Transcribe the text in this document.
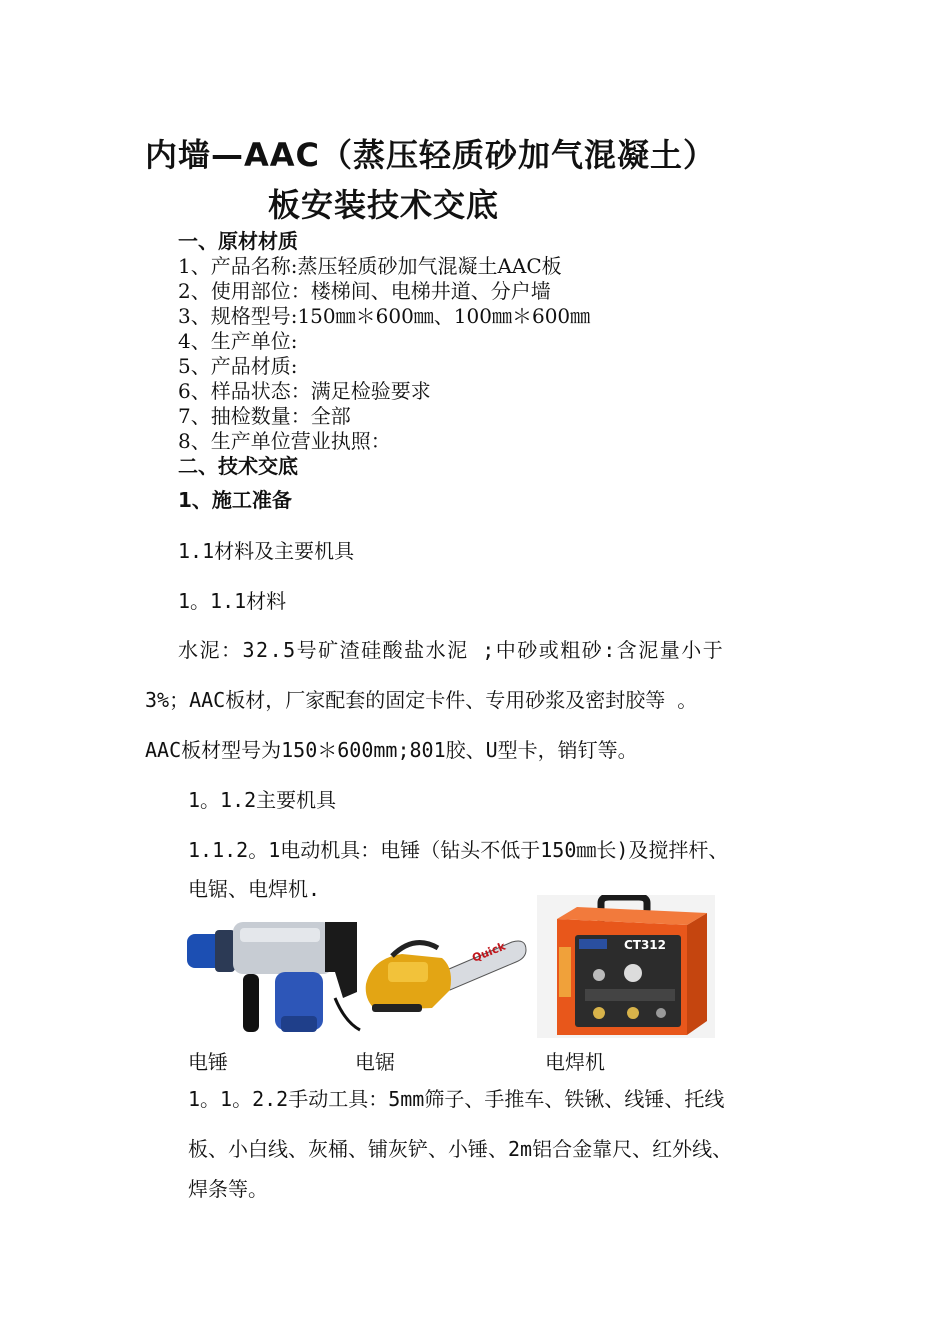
内墙—AAC（蒸压轻质砂加气混凝土）
板安装技术交底
一、原材材质
1、产品名称:蒸压轻质砂加气混凝土AAC板
2、使用部位：楼梯间、电梯井道、分户墙
3、规格型号:150㎜＊600㎜、100㎜＊600㎜
4、生产单位:
5、产品材质:
6、样品状态：满足检验要求
7、抽检数量：全部
8、生产单位营业执照：
二、技术交底
1、施工准备
1.1材料及主要机具
1。1.1材料
水泥：32.5号矿渣硅酸盐水泥 ;中砂或粗砂:含泥量小于
3%；AAC板材，厂家配套的固定卡件、专用砂浆及密封胶等 。
AAC板材型号为150＊600mm;801胶、U型卡，销钉等。
1。1.2主要机具
1.1.2。1电动机具：电锤（钻头不低于150㎜长)及搅拌杆、
电锯、电焊机.
Quick	CT312
电锤	电锯	电焊机
1。1。2.2手动工具：5mm筛子、手推车、铁锹、线锤、托线
板、小白线、灰桶、铺灰铲、小锤、2m铝合金靠尺、红外线、
焊条等。
